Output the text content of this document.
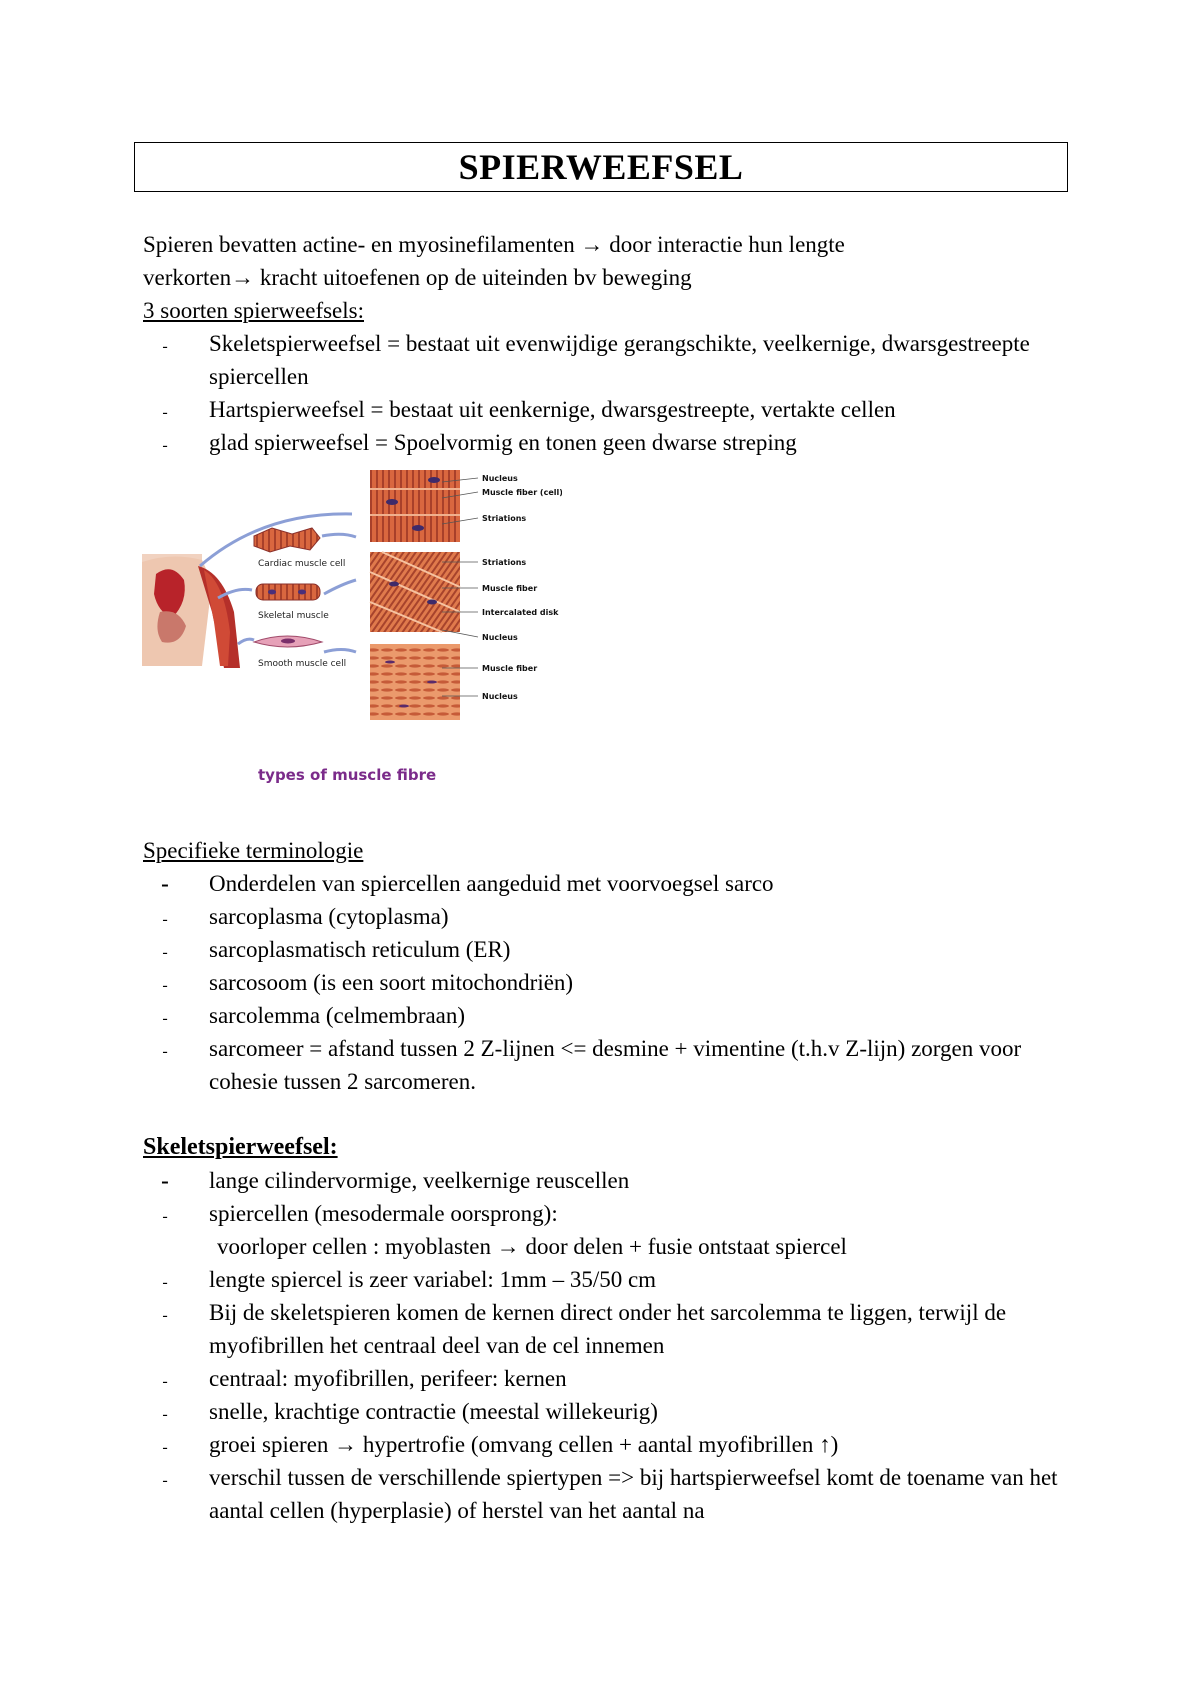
SPIERWEEFSEL

Spieren bevatten actine- en myosinefilamenten → door interactie hun lengte

verkorten→ kracht uitoefenen op de uiteinden bv beweging

3 soorten spierweefsels:

-	Skeletspierweefsel = bestaat uit evenwijdige gerangschikte, veelkernige, dwarsgestreepte spiercellen
-	Hartspierweefsel = bestaat uit eenkernige, dwarsgestreepte, vertakte cellen
-	glad spierweefsel = Spoelvormig en tonen geen dwarse streping
Cardiac muscle cell
Skeletal muscle
Smooth muscle cell
Nucleus
Muscle fiber (cell)
Striations
Striations
Muscle fiber
Intercalated disk
Nucleus
Muscle fiber
Nucleus
types of muscle fibre

Specifieke terminologie

- Onderdelen van spiercellen aangeduid met voorvoegsel sarco
-	sarcoplasma (cytoplasma)
-	sarcoplasmatisch reticulum (ER)
-	sarcosoom (is een soort mitochondriën)
-	sarcolemma (celmembraan)
-	sarcomeer = afstand tussen 2 Z-lijnen <= desmine + vimentine (t.h.v Z-lijn) zorgen voor cohesie tussen 2 sarcomeren.

Skeletspierweefsel:

- lange cilindervormige, veelkernige reuscellen
-	spiercellen (mesodermale oorsprong):
voorloper cellen : myoblasten → door delen + fusie ontstaat spiercel
-	lengte spiercel is zeer variabel: 1mm – 35/50 cm
-	Bij de skeletspieren komen de kernen direct onder het sarcolemma te liggen, terwijl de myofibrillen het centraal deel van de cel innemen
-	centraal: myofibrillen, perifeer: kernen
-	snelle, krachtige contractie (meestal willekeurig)
-	groei spieren → hypertrofie (omvang cellen + aantal myofibrillen ↑)
-	verschil tussen de verschillende spiertypen => bij hartspierweefsel komt de toename van het aantal cellen (hyperplasie) of herstel van het aantal na
